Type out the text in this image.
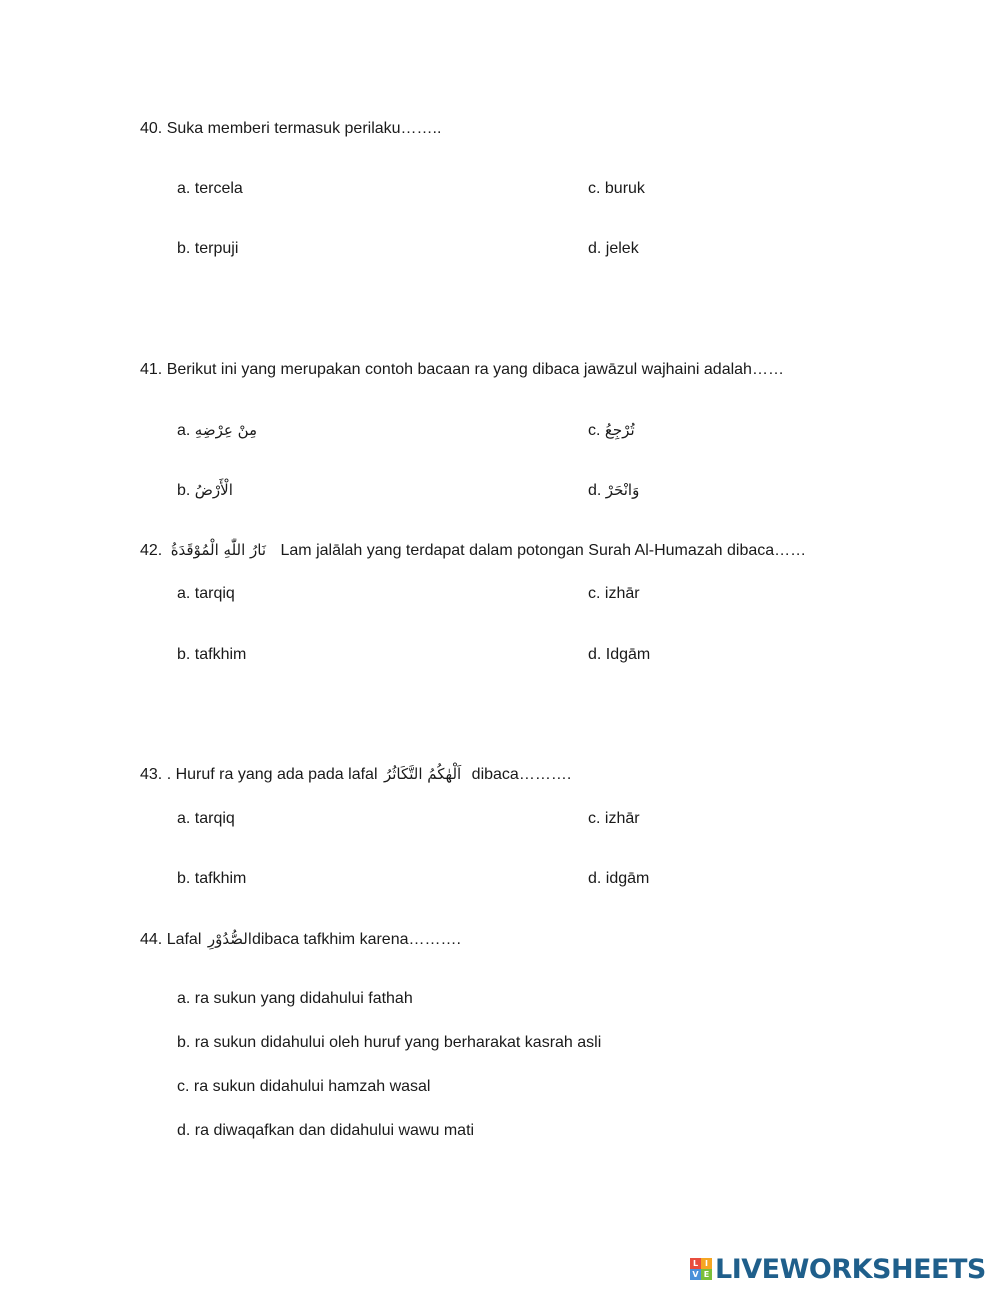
40. Suka memberi termasuk perilaku……..
a. tercela	c. buruk
b. terpuji	d. jelek
41. Berikut ini yang merupakan contoh bacaan ra yang dibaca jawāzul wajhaini adalah……
a. مِنْ عِرْضِهِ	c. تُرْجِعُ
b. الْأَرْضُ	d. وَانْحَرْ
42. نَارُ اللّٰهِ الْمُوْقَدَةُ Lam jalālah yang terdapat dalam potongan Surah Al-Humazah dibaca……
a. tarqiq	c. izhār
b. tafkhim	d. Idgām
43. . Huruf ra yang ada pada lafal اَلْهٰكُمُ التَّكَاثُرُ dibaca……….
a. tarqiq	c. izhār
b. tafkhim	d. idgām
44. Lafal الصُّدُوْرِdibaca tafkhim karena……….
a. ra sukun yang didahului fathah
b. ra sukun didahului oleh huruf yang berharakat kasrah asli
c. ra sukun didahului hamzah wasal
d. ra diwaqafkan dan didahului wawu mati
L I
V E LIVEWORKSHEETS
